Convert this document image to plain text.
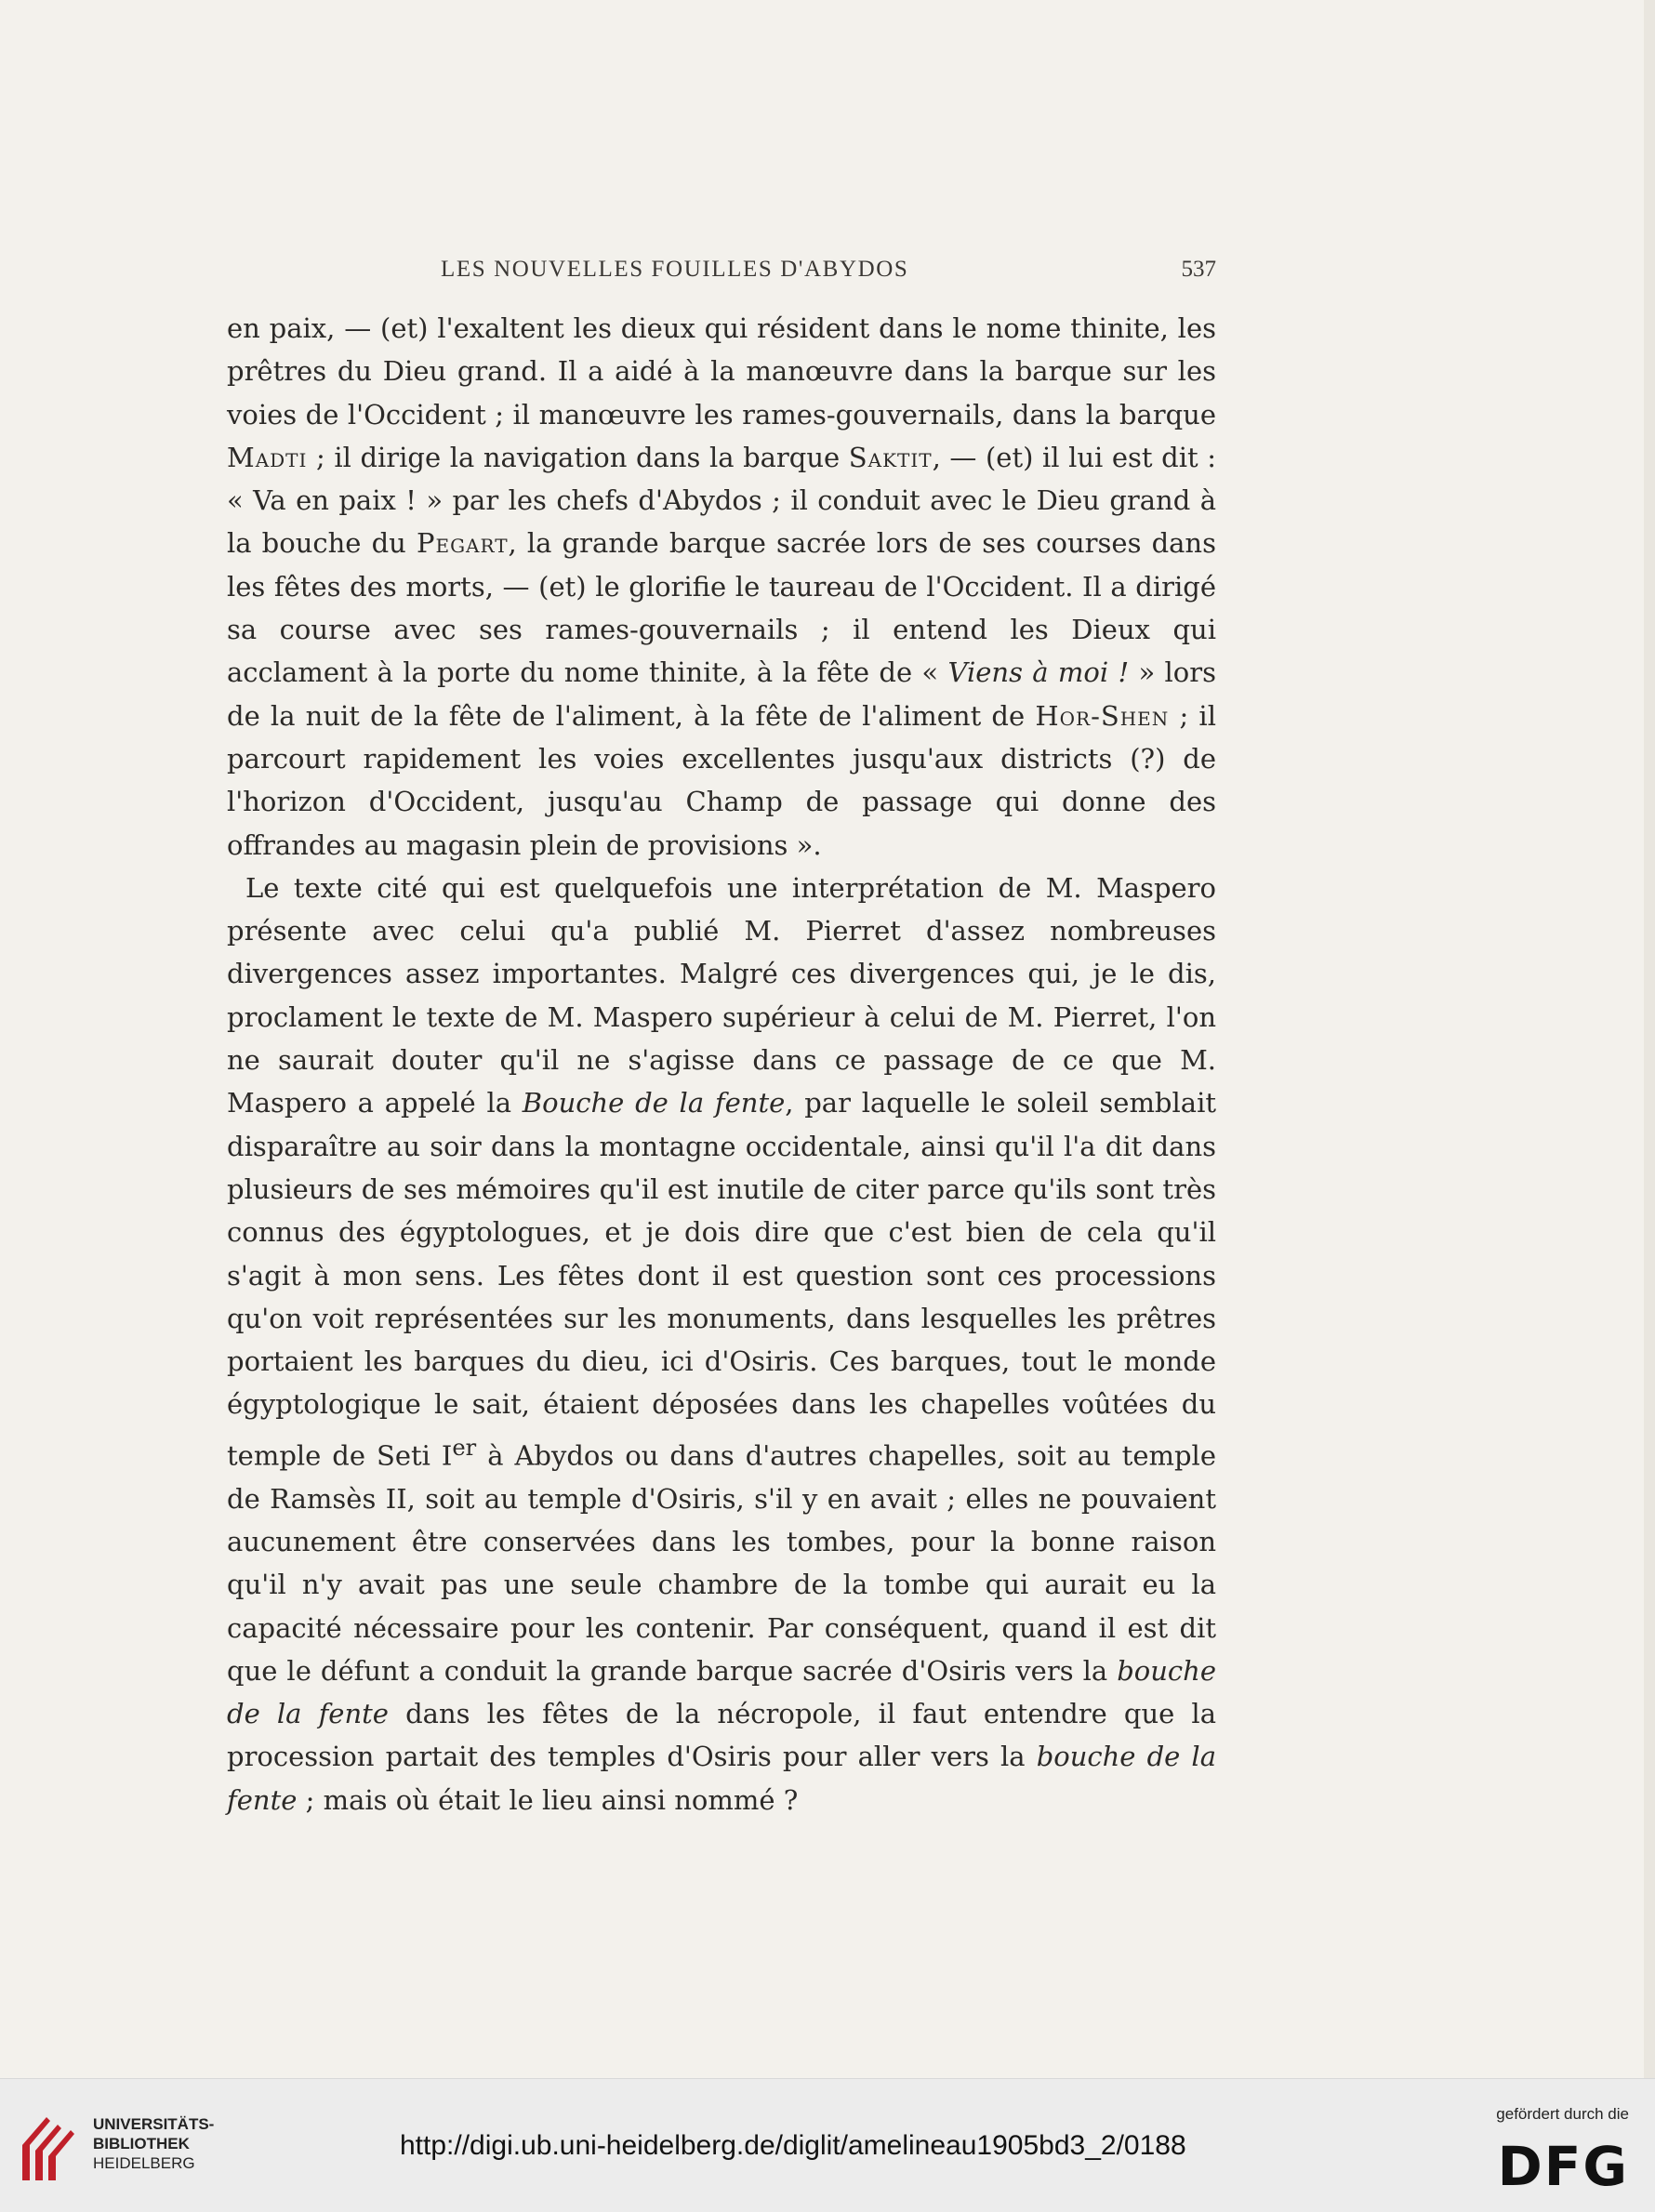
LES NOUVELLES FOUILLES D'ABYDOS	537

en paix, — (et) l'exaltent les dieux qui résident dans le nome thinite, les prêtres du Dieu grand. Il a aidé à la manœuvre dans la barque sur les voies de l'Occident ; il manœuvre les rames-gouvernails, dans la barque Madti ; il dirige la navigation dans la barque Saktit, — (et) il lui est dit : « Va en paix ! » par les chefs d'Abydos ; il conduit avec le Dieu grand à la bouche du Pegart, la grande barque sacrée lors de ses courses dans les fêtes des morts, — (et) le glorifie le taureau de l'Occident. Il a dirigé sa course avec ses rames-gouvernails ; il entend les Dieux qui acclament à la porte du nome thinite, à la fête de « Viens à moi ! » lors de la nuit de la fête de l'aliment, à la fête de l'aliment de Hor-Shen ; il parcourt rapidement les voies excellentes jusqu'aux districts (?) de l'horizon d'Occident, jusqu'au Champ de passage qui donne des offrandes au magasin plein de provisions ».

Le texte cité qui est quelquefois une interprétation de M. Maspero présente avec celui qu'a publié M. Pierret d'assez nombreuses divergences assez importantes. Malgré ces divergences qui, je le dis, proclament le texte de M. Maspero supérieur à celui de M. Pierret, l'on ne saurait douter qu'il ne s'agisse dans ce passage de ce que M. Maspero a appelé la Bouche de la fente, par laquelle le soleil semblait disparaître au soir dans la montagne occidentale, ainsi qu'il l'a dit dans plusieurs de ses mémoires qu'il est inutile de citer parce qu'ils sont très connus des égyptologues, et je dois dire que c'est bien de cela qu'il s'agit à mon sens. Les fêtes dont il est question sont ces processions qu'on voit représentées sur les monuments, dans lesquelles les prêtres portaient les barques du dieu, ici d'Osiris. Ces barques, tout le monde égyptologique le sait, étaient déposées dans les chapelles voûtées du temple de Seti Ier à Abydos ou dans d'autres chapelles, soit au temple de Ramsès II, soit au temple d'Osiris, s'il y en avait ; elles ne pouvaient aucunement être conservées dans les tombes, pour la bonne raison qu'il n'y avait pas une seule chambre de la tombe qui aurait eu la capacité nécessaire pour les contenir. Par conséquent, quand il est dit que le défunt a conduit la grande barque sacrée d'Osiris vers la bouche de la fente dans les fêtes de la nécropole, il faut entendre que la procession partait des temples d'Osiris pour aller vers la bouche de la fente ; mais où était le lieu ainsi nommé ?

UNIVERSITÄTS-
BIBLIOTHEK
HEIDELBERG
http://digi.ub.uni-heidelberg.de/diglit/amelineau1905bd3_2/0188
gefördert durch die
DFG
